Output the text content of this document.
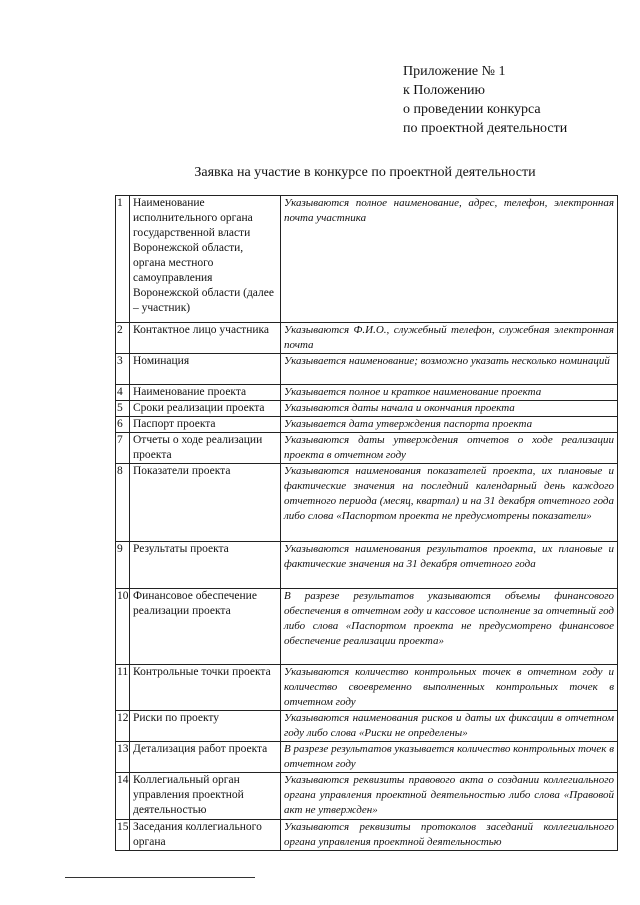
Приложение № 1
к Положению
о проведении конкурса
по проектной деятельности
Заявка на участие в конкурсе по проектной деятельности
1	Наименование исполнительного органа государственной власти Воронежской области, органа местного самоуправления Воронежской области (далее – участник)	Указываются полное наименование, адрес, телефон, электронная почта участника
2	Контактное лицо участника	Указываются Ф.И.О., служебный телефон, служебная электронная почта
3	Номинация	Указывается наименование; возможно указать несколько номинаций
4	Наименование проекта	Указывается полное и краткое наименование проекта
5	Сроки реализации проекта	Указываются даты начала и окончания проекта
6	Паспорт проекта	Указывается дата утверждения паспорта проекта
7	Отчеты о ходе реализации проекта	Указываются даты утверждения отчетов о ходе реализации проекта в отчетном году
8	Показатели проекта	Указываются наименования показателей проекта, их плановые и фактические значения на последний календарный день каждого отчетного периода (месяц, квартал) и на 31 декабря отчетного года либо слова «Паспортом проекта не предусмотрены показатели»
9	Результаты проекта	Указываются наименования результатов проекта, их плановые и фактические значения на 31 декабря отчетного года
10	Финансовое обеспечение реализации проекта	В разрезе результатов указываются объемы финансового обеспечения в отчетном году и кассовое исполнение за отчетный год либо слова «Паспортом проекта не предусмотрено финансовое обеспечение реализации проекта»
11	Контрольные точки проекта	Указываются количество контрольных точек в отчетном году и количество своевременно выполненных контрольных точек в отчетном году
12	Риски по проекту	Указываются наименования рисков и даты их фиксации в отчетном году либо слова «Риски не определены»
13	Детализация работ проекта	В разрезе результатов указывается количество контрольных точек в отчетном году
14	Коллегиальный орган управления проектной деятельностью	Указываются реквизиты правового акта о создании коллегиального органа управления проектной деятельностью либо слова «Правовой акт не утвержден»
15	Заседания коллегиального органа	Указываются реквизиты протоколов заседаний коллегиального органа управления проектной деятельностью
